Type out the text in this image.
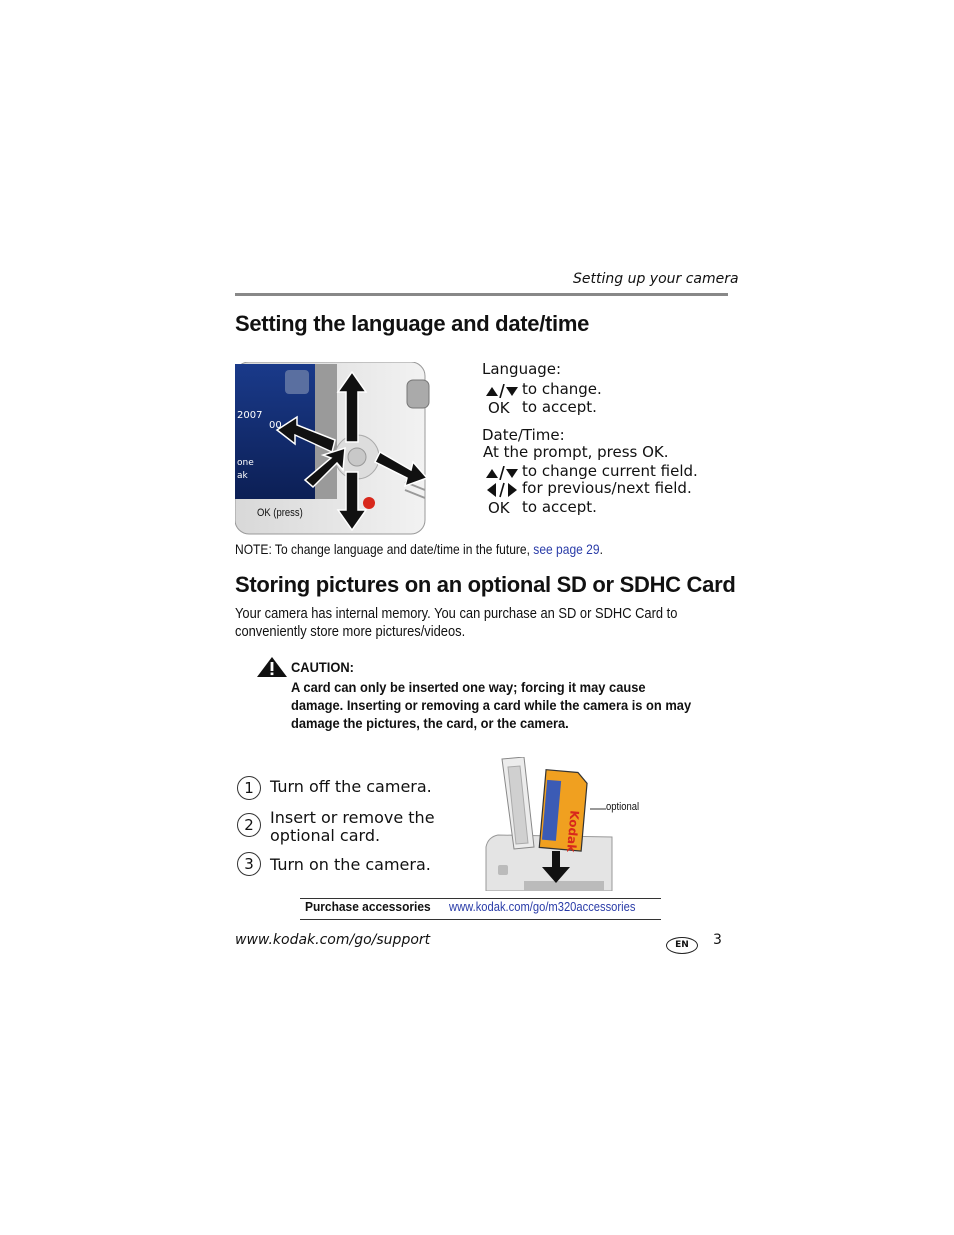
Setting up your camera
Setting the language and date/time
2007
00
one
ak
OK (press)
Language:
to change.
OK to accept.
Date/Time:
At the prompt, press OK.
to change current field.
for previous/next field.
OK to accept.
NOTE: To change language and date/time in the future, see page 29.
Storing pictures on an optional SD or SDHC Card
Your camera has internal memory. You can purchase an SD or SDHC Card to
conveniently store more pictures/videos.
CAUTION:
A card can only be inserted one way; forcing it may cause
damage. Inserting or removing a card while the camera is on may
damage the pictures, the card, or the camera.
1	Turn off the camera.
2	Insert or remove the
optional card.
3	Turn on the camera.
Kodak
optional
Purchase accessories www.kodak.com/go/m320accessories
www.kodak.com/go/support	EN	3
